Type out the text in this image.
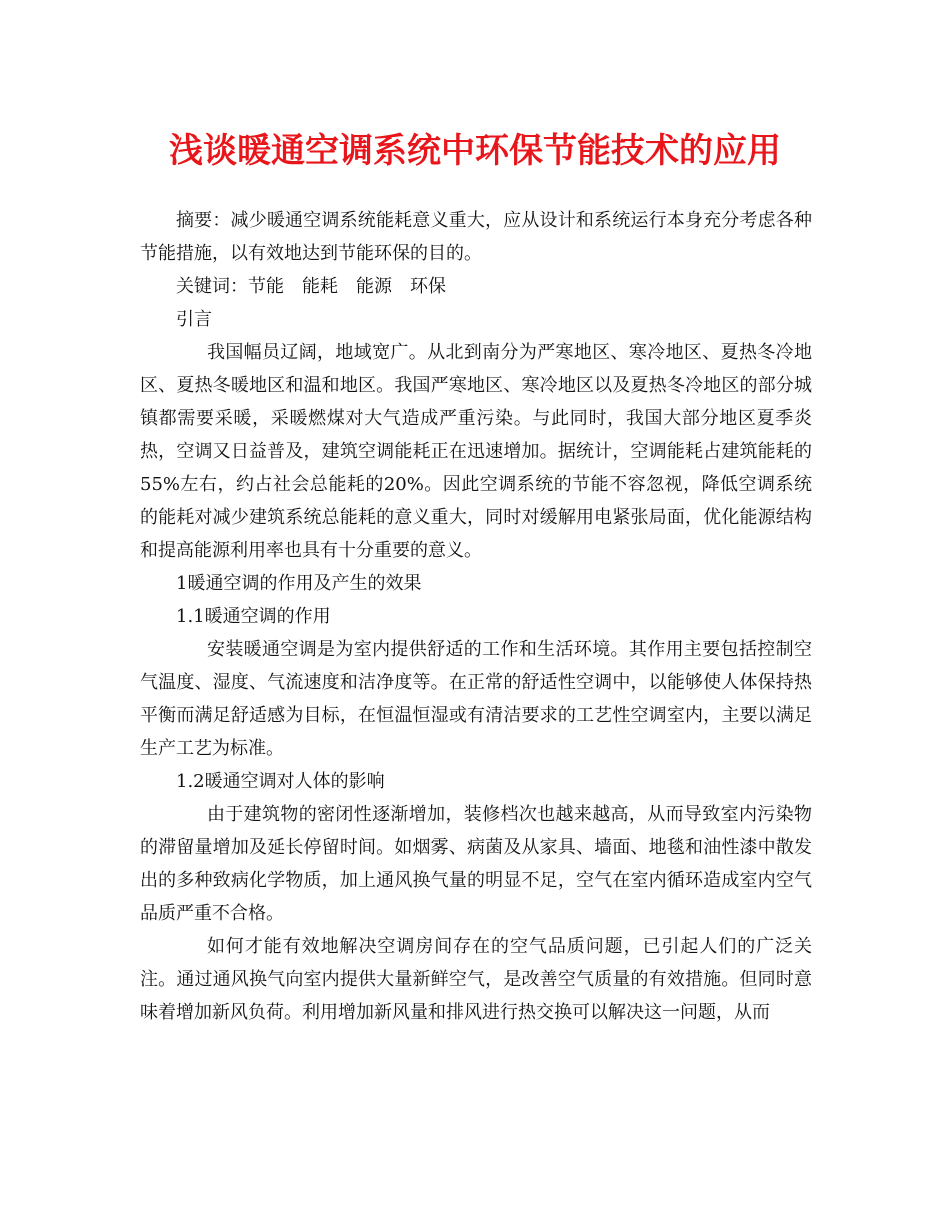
浅谈暖通空调系统中环保节能技术的应用

摘要：减少暖通空调系统能耗意义重大，应从设计和系统运行本身充分考虑各种节能措施，以有效地达到节能环保的目的。

关键词：节能 能耗 能源 环保

引言

我国幅员辽阔，地域宽广。从北到南分为严寒地区、寒冷地区、夏热冬冷地区、夏热冬暖地区和温和地区。我国严寒地区、寒冷地区以及夏热冬冷地区的部分城镇都需要采暖，采暖燃煤对大气造成严重污染。与此同时，我国大部分地区夏季炎热，空调又日益普及，建筑空调能耗正在迅速增加。据统计，空调能耗占建筑能耗的55%左右，约占社会总能耗的20%。因此空调系统的节能不容忽视，降低空调系统的能耗对减少建筑系统总能耗的意义重大，同时对缓解用电紧张局面，优化能源结构和提高能源利用率也具有十分重要的意义。

1暖通空调的作用及产生的效果

1.1暖通空调的作用

安装暖通空调是为室内提供舒适的工作和生活环境。其作用主要包括控制空气温度、湿度、气流速度和洁净度等。在正常的舒适性空调中，以能够使人体保持热平衡而满足舒适感为目标，在恒温恒湿或有清洁要求的工艺性空调室内，主要以满足生产工艺为标准。

1.2暖通空调对人体的影响

由于建筑物的密闭性逐渐增加，装修档次也越来越高，从而导致室内污染物的滞留量增加及延长停留时间。如烟雾、病菌及从家具、墙面、地毯和油性漆中散发出的多种致病化学物质，加上通风换气量的明显不足，空气在室内循环造成室内空气品质严重不合格。

如何才能有效地解决空调房间存在的空气品质问题，已引起人们的广泛关注。通过通风换气向室内提供大量新鲜空气，是改善空气质量的有效措施。但同时意味着增加新风负荷。利用增加新风量和排风进行热交换可以解决这一问题，从而
